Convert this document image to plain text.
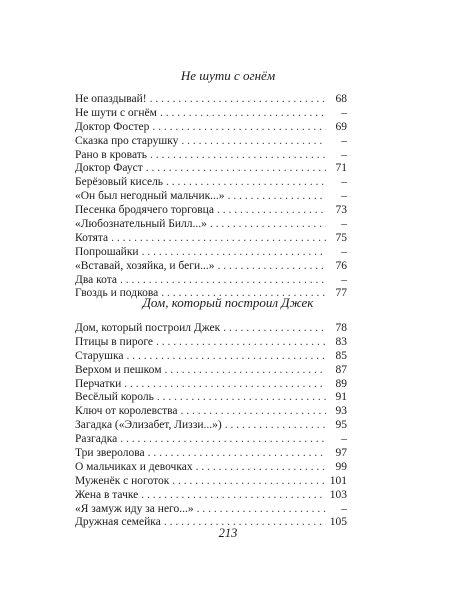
Не шути с огнём
Не опаздывай! . . .	68
Не шути с огнём . . .	–
Доктор Фостер . . .	69
Сказка про старушку . . .	–
Рано в кровать . . .	–
Доктор Фауст . . .	71
Берёзовый кисель . . .	–
«Он был негодный мальчик...» . . .	–
Песенка бродячего торговца . . .	73
«Любознательный Билл...» . . .	–
Котята . . .	75
Попрошайки . . .	–
«Вставай, хозяйка, и беги...» . . .	76
Два кота . . .	–
Гвоздь и подкова . . .	77
Дом, который построил Джек
Дом, который построил Джек . . .	78
Птицы в пироге . . .	83
Старушка . . .	85
Верхом и пешком . . .	87
Перчатки . . .	89
Весёлый король . . .	91
Ключ от королевства . . .	93
Загадка («Элизабет, Лиззи...») . . .	95
Разгадка . . .	–
Три зверолова . . .	97
О мальчиках и девочках . . .	99
Муженёк с ноготок . . .	101
Жена в тачке . . .	103
«Я замуж иду за него...» . . .	–
Дружная семейка . . .	105
213
